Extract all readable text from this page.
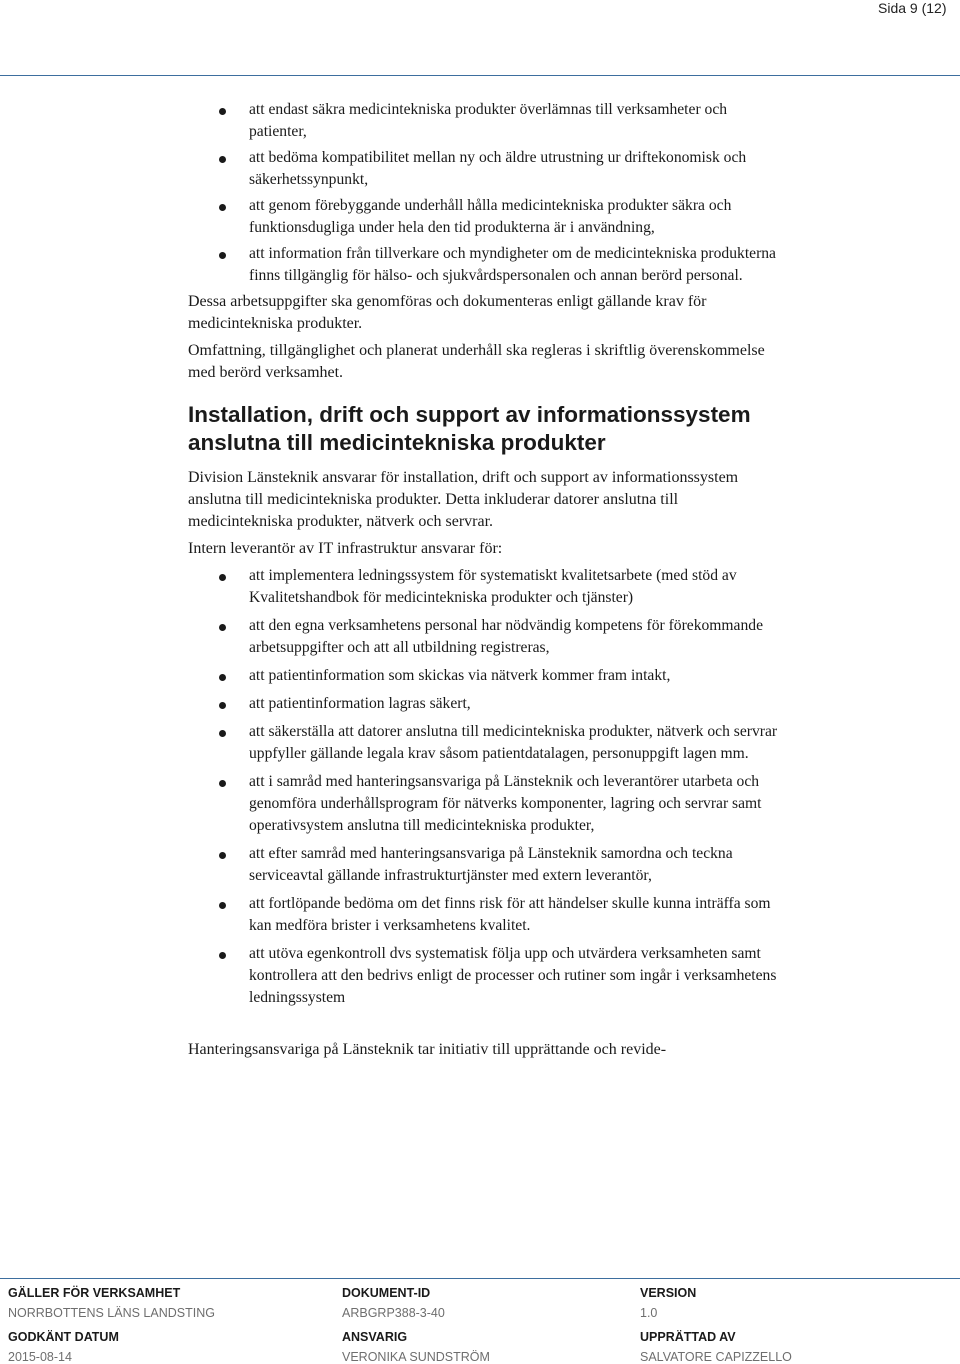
Sida 9 (12)
att endast säkra medicintekniska produkter överlämnas till verksamheter och patienter,
att bedöma kompatibilitet mellan ny och äldre utrustning ur driftekonomisk och säkerhetssynpunkt,
att genom förebyggande underhåll hålla medicintekniska produkter säkra och funktionsdugliga under hela den tid produkterna är i användning,
att information från tillverkare och myndigheter om de medicintekniska produkterna finns tillgänglig för hälso- och sjukvårdspersonalen och annan berörd personal.

Dessa arbetsuppgifter ska genomföras och dokumenteras enligt gällande krav för medicintekniska produkter.

Omfattning, tillgänglighet och planerat underhåll ska regleras i skriftlig överenskommelse med berörd verksamhet.

Installation, drift och support av informationssystem anslutna till medicintekniska produkter

Division Länsteknik ansvarar för installation, drift och support av informationssystem anslutna till medicintekniska produkter. Detta inkluderar datorer anslutna till medicintekniska produkter, nätverk och servrar.

Intern leverantör av IT infrastruktur ansvarar för:

att implementera ledningssystem för systematiskt kvalitetsarbete (med stöd av Kvalitetshandbok för medicintekniska produkter och tjänster)
att den egna verksamhetens personal har nödvändig kompetens för förekommande arbetsuppgifter och att all utbildning registreras,
att patientinformation som skickas via nätverk kommer fram intakt,
att patientinformation lagras säkert,
att säkerställa att datorer anslutna till medicintekniska produkter, nätverk och servrar uppfyller gällande legala krav såsom patientdatalagen, personuppgift lagen mm.
att i samråd med hanteringsansvariga på Länsteknik och leverantörer utarbeta och genomföra underhållsprogram för nätverks komponenter, lagring och servrar samt operativsystem anslutna till medicintekniska produkter,
att efter samråd med hanteringsansvariga på Länsteknik samordna och teckna serviceavtal gällande infrastrukturtjänster med extern leverantör,
att fortlöpande bedöma om det finns risk för att händelser skulle kunna inträffa som kan medföra brister i verksamhetens kvalitet.
att utöva egenkontroll dvs systematisk följa upp och utvärdera verksamheten samt kontrollera att den bedrivs enligt de processer och rutiner som ingår i verksamhetens ledningssystem

Hanteringsansvariga på Länsteknik tar initiativ till upprättande och revide-

GÄLLER FÖR VERKSAMHET
NORRBOTTENS LÄNS LANDSTING
DOKUMENT-ID
ARBGRP388-3-40
VERSION
1.0
GODKÄNT DATUM
2015-08-14
ANSVARIG
VERONIKA SUNDSTRÖM
UPPRÄTTAD AV
SALVATORE CAPIZZELLO
